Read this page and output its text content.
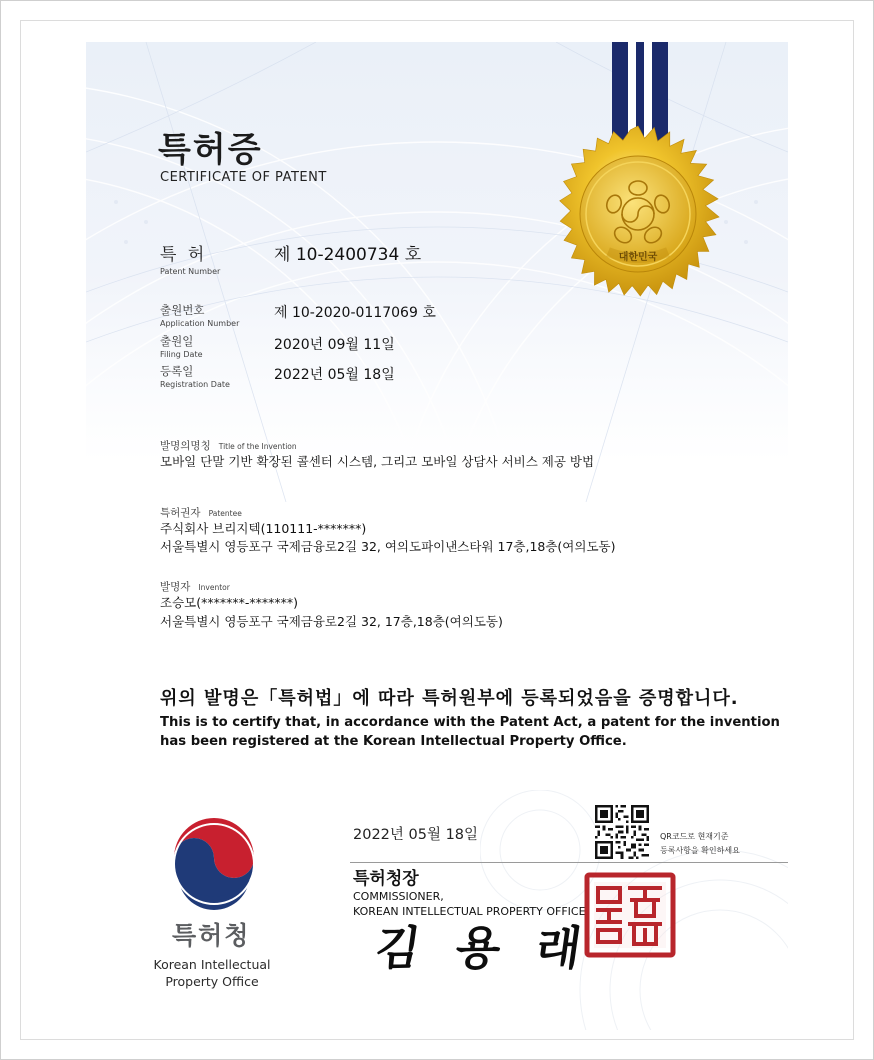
특허증
CERTIFICATE OF PATENT
대한민국
특 허
Patent Number
제 10-2400734 호
출원번호
Application Number
제 10-2020-0117069 호
출원일
Filing Date
2020년 09월 11일
등록일
Registration Date
2022년 05월 18일
발명의명칭 Title of the Invention
모바일 단말 기반 확장된 콜센터 시스템, 그리고 모바일 상담사 서비스 제공 방법
특허권자 Patentee
주식회사 브리지텍(110111-*******)
서울특별시 영등포구 국제금융로2길 32, 여의도파이낸스타워 17층,18층(여의도동)
발명자 Inventor
조승모(*******-*******)
서울특별시 영등포구 국제금융로2길 32, 17층,18층(여의도동)
위의 발명은「특허법」에 따라 특허원부에 등록되었음을 증명합니다.
This is to certify that, in accordance with the Patent Act, a patent for the invention
has been registered at the Korean Intellectual Property Office.
2022년 05월 18일	QR코드로 현재기준
등록사항을 확인하세요
특허청장
COMMISSIONER,
KOREAN INTELLECTUAL PROPERTY OFFICE
김 용 래
특허청
Korean Intellectual
Property Office
